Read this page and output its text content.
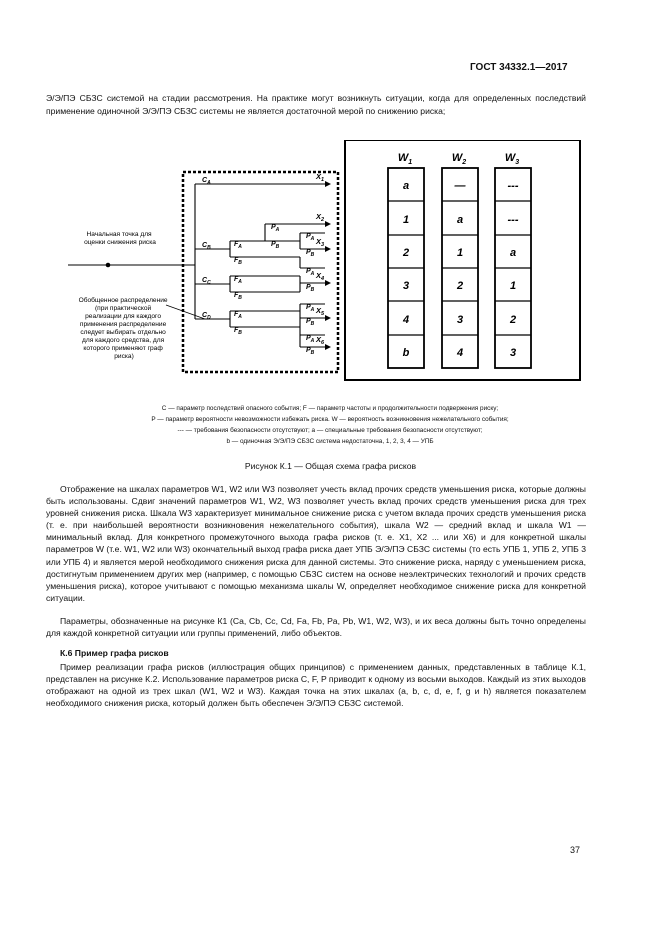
ГОСТ 34332.1—2017
Э/Э/ПЭ СБЗС системой на стадии рассмотрения. На практике могут возникнуть ситуации, когда для определенных последствий применение одиночной Э/Э/ПЭ СБЗС системы не является достаточной мерой по снижению риска;
Начальная точка для оценки снижения риска
Обобщенное распределение (при практической реализации для каждого применения распределение следует выбирать отдельно для каждого средства, для которого применяют граф риска)
$C_A$
$C_B$
$C_C$
$C_D$
$F_A$
$F_B$
$F_A$
$F_B$
$F_A$
$F_B$
$P_A$
$P_B$
$P_A$
$P_B$
$P_A$
$P_B$
$P_A$
$P_B$
$P_A$
$P_B$
$X_1$
$X_2$
$X_3$
$X_4$
$X_5$
$X_6$
$W_1$	$W_2$	$W_3$
a
1
2
3
4
b
—
a
1
2
3
4
---
---
a
1
2
3
C — параметр последствий опасного события; F — параметр частоты и продолжительности подвержения риску;
P — параметр вероятности невозможности избежать риска. W — вероятность возникновения нежелательного события;
--- — требования безопасности отсутствуют; a — специальные требования безопасности отсутствуют;
b — одиночная Э/Э/ПЭ СБЗС система недостаточна, 1, 2, 3, 4 — УПБ
Рисунок К.1 — Общая схема графа рисков
Отображение на шкалах параметров W1, W2 или W3 позволяет учесть вклад прочих средств уменьшения риска, которые должны быть использованы. Сдвиг значений параметров W1, W2, W3 позволяет учесть вклад прочих средств уменьшения риска для трех уровней снижения риска. Шкала W3 характеризует минимальное снижение риска с учетом вклада прочих средств уменьшения риска (т. е. при наибольшей вероятности возникновения нежелательного события), шкала W2 — средний вклад и шкала W1 — минимальный вклад. Для конкретного промежуточного выхода графа рисков (т. е. X1, X2 ... или X6) и для конкретной шкалы параметров W (т.е. W1, W2 или W3) окончательный выход графа риска дает УПБ Э/Э/ПЭ СБЗС системы (то есть УПБ 1, УПБ 2, УПБ 3 или УПБ 4) и является мерой необходимого снижения риска для данной системы. Это снижение риска, наряду с уменьшением риска, достигнутым применением других мер (например, с помощью СБЗС систем на основе неэлектрических технологий и прочих средств уменьшения риска), которое учитывают с помощью механизма шкалы W, определяет необходимое снижение риска для конкретной ситуации.
Параметры, обозначенные на рисунке К1 (Ca, Cb, Cc, Cd, Fa, Fb, Pa, Pb, W1, W2, W3), и их веса должны быть точно определены для каждой конкретной ситуации или группы применений, либо объектов.
К.6 Пример графа рисков
Пример реализации графа рисков (иллюстрация общих принципов) с применением данных, представленных в таблице К.1, представлен на рисунке К.2. Использование параметров риска C, F, P приводит к одному из восьми выходов. Каждый из этих выходов отображают на одной из трех шкал (W1, W2 и W3). Каждая точка на этих шкалах (a, b, c, d, e, f, g и h) является показателем необходимого снижения риска, который должен быть обеспечен Э/Э/ПЭ СБЗС системой.
37
